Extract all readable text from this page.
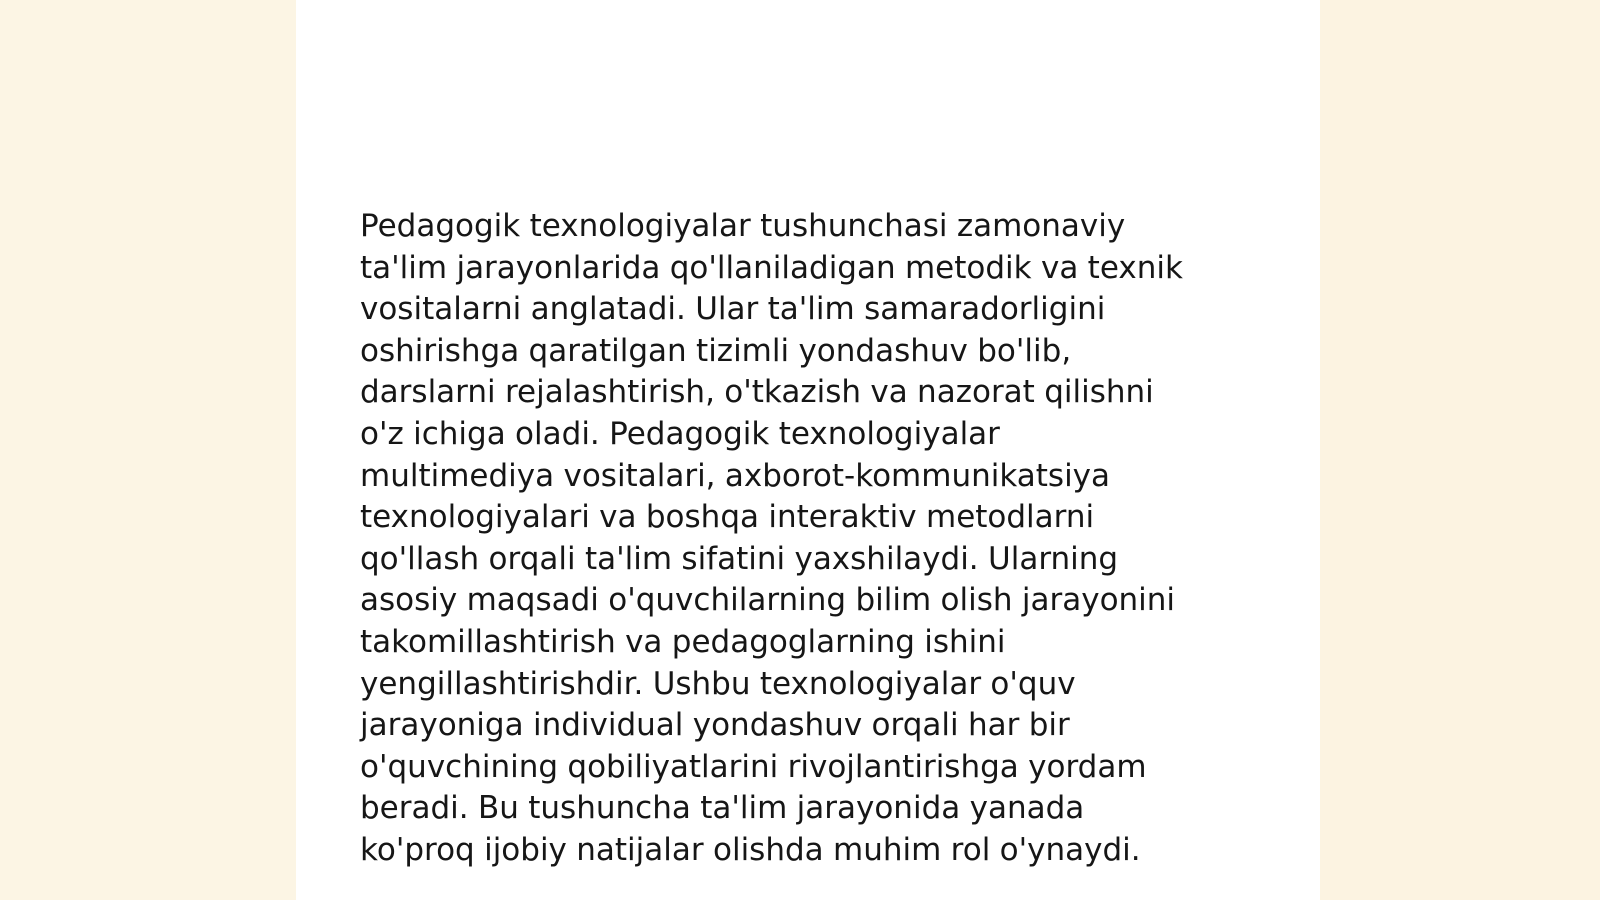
Pedagogik texnologiyalar tushunchasi zamonaviy
ta'lim jarayonlarida qo'llaniladigan metodik va texnik
vositalarni anglatadi. Ular ta'lim samaradorligini
oshirishga qaratilgan tizimli yondashuv bo'lib,
darslarni rejalashtirish, o'tkazish va nazorat qilishni
o'z ichiga oladi. Pedagogik texnologiyalar
multimediya vositalari, axborot-kommunikatsiya
texnologiyalari va boshqa interaktiv metodlarni
qo'llash orqali ta'lim sifatini yaxshilaydi. Ularning
asosiy maqsadi o'quvchilarning bilim olish jarayonini
takomillashtirish va pedagoglarning ishini
yengillashtirishdir. Ushbu texnologiyalar o'quv
jarayoniga individual yondashuv orqali har bir
o'quvchining qobiliyatlarini rivojlantirishga yordam
beradi. Bu tushuncha ta'lim jarayonida yanada
ko'proq ijobiy natijalar olishda muhim rol o'ynaydi.
